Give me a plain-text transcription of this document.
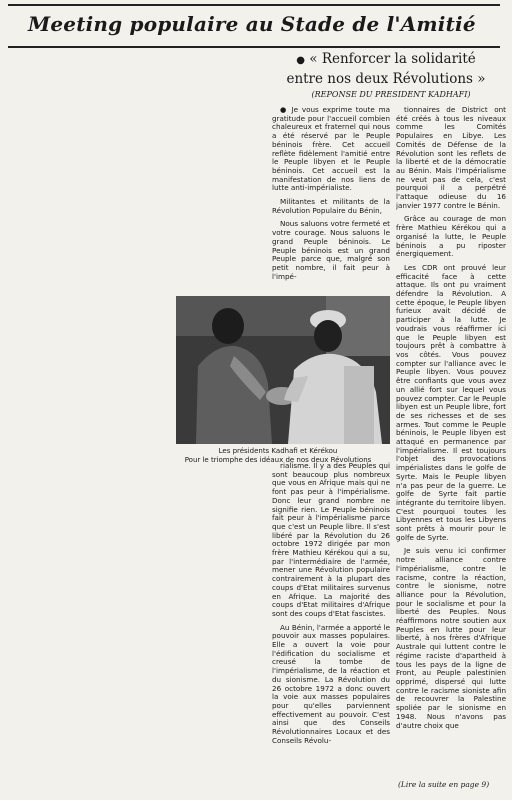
Meeting populaire au Stade de l'Amitié
● « Renforcer la solidarité
entre nos deux Révolutions »
(REPONSE DU PRESIDENT KADHAFI)

● Je vous exprime toute ma gratitude pour l'accueil combien chaleureux et fraternel qui nous a été réservé par le Peuple béninois frère. Cet accueil reflète fidèlement l'amitié entre le Peuple libyen et le Peuple béninois. Cet accueil est la manifestation de nos liens de lutte anti-impérialiste.

Militantes et militants de la Révolution Populaire du Bénin,

Nous saluons votre fermeté et votre courage. Nous saluons le grand Peuple béninois. Le Peuple béninois est un grand Peuple parce que, malgré son petit nombre, il fait peur à l'impé-

Les présidents Kadhafi et Kérékou
Pour le triomphe des idéaux de nos deux Révolutions

rialisme. Il y a des Peuples qui sont beaucoup plus nombreux que vous en Afrique mais qui ne font pas peur à l'impérialisme. Donc leur grand nombre ne signifie rien. Le Peuple béninois fait peur à l'impérialisme parce que c'est un Peuple libre. Il s'est libéré par la Révolution du 26 octobre 1972 dirigée par mon frère Mathieu Kérékou qui a su, par l'intermédiaire de l'armée, mener une Révolution populaire contrairement à la plupart des coups d'Etat militaires survenus en Afrique. La majorité des coups d'Etat militaires d'Afrique sont des coups d'Etat fascistes.

Au Bénin, l'armée a apporté le pouvoir aux masses populaires. Elle a ouvert la voie pour l'édification du socialisme et creusé la tombe de l'impérialisme, de la réaction et du sionisme. La Révolution du 26 octobre 1972 a donc ouvert la voie aux masses populaires pour qu'elles parviennent effectivement au pouvoir. C'est ainsi que des Conseils Révolutionnaires Locaux et des Conseils Révolu-

tionnaires de District ont été créés à tous les niveaux comme les Comités Populaires en Libye. Les Comités de Défense de la Révolution sont les reflets de la liberté et de la démocratie au Bénin. Mais l'impérialisme ne veut pas de cela, c'est pourquoi il a perpétré l'attaque odieuse du 16 janvier 1977 contre le Bénin.

Grâce au courage de mon frère Mathieu Kérékou qui a organisé la lutte, le Peuple béninois a pu riposter énergiquement.

Les CDR ont prouvé leur efficacité face à cette attaque. Ils ont pu vraiment défendre la Révolution. A cette époque, le Peuple libyen furieux avait décidé de participer à la lutte. Je voudrais vous réaffirmer ici que le Peuple libyen est toujours prêt à combattre à vos côtés. Vous pouvez compter sur l'alliance avec le Peuple libyen. Vous pouvez être confiants que vous avez un allié fort sur lequel vous pouvez compter. Car le Peuple libyen est un Peuple libre, fort de ses richesses et de ses armes. Tout comme le Peuple béninois, le Peuple libyen est attaqué en permanence par l'impérialisme. Il est toujours l'objet des provocations impérialistes dans le golfe de Syrte. Mais le Peuple libyen n'a pas peur de la guerre. Le golfe de Syrte fait partie intégrante du territoire libyen. C'est pourquoi toutes les Libyennes et tous les Libyens sont prêts à mourir pour le golfe de Syrte.

Je suis venu ici confirmer notre alliance contre l'impérialisme, contre le racisme, contre la réaction, contre le sionisme, notre alliance pour la Révolution, pour le socialisme et pour la liberté des Peuples. Nous réaffirmons notre soutien aux Peuples en lutte pour leur liberté, à nos frères d'Afrique Australe qui luttent contre le régime raciste d'apartheid à tous les pays de la ligne de Front, au Peuple palestinien opprimé, dispersé qui lutte contre le racisme sioniste afin de recouvrer la Palestine spoliée par le sionisme en 1948. Nous n'avons pas d'autre choix que

(Lire la suite en page 9)
